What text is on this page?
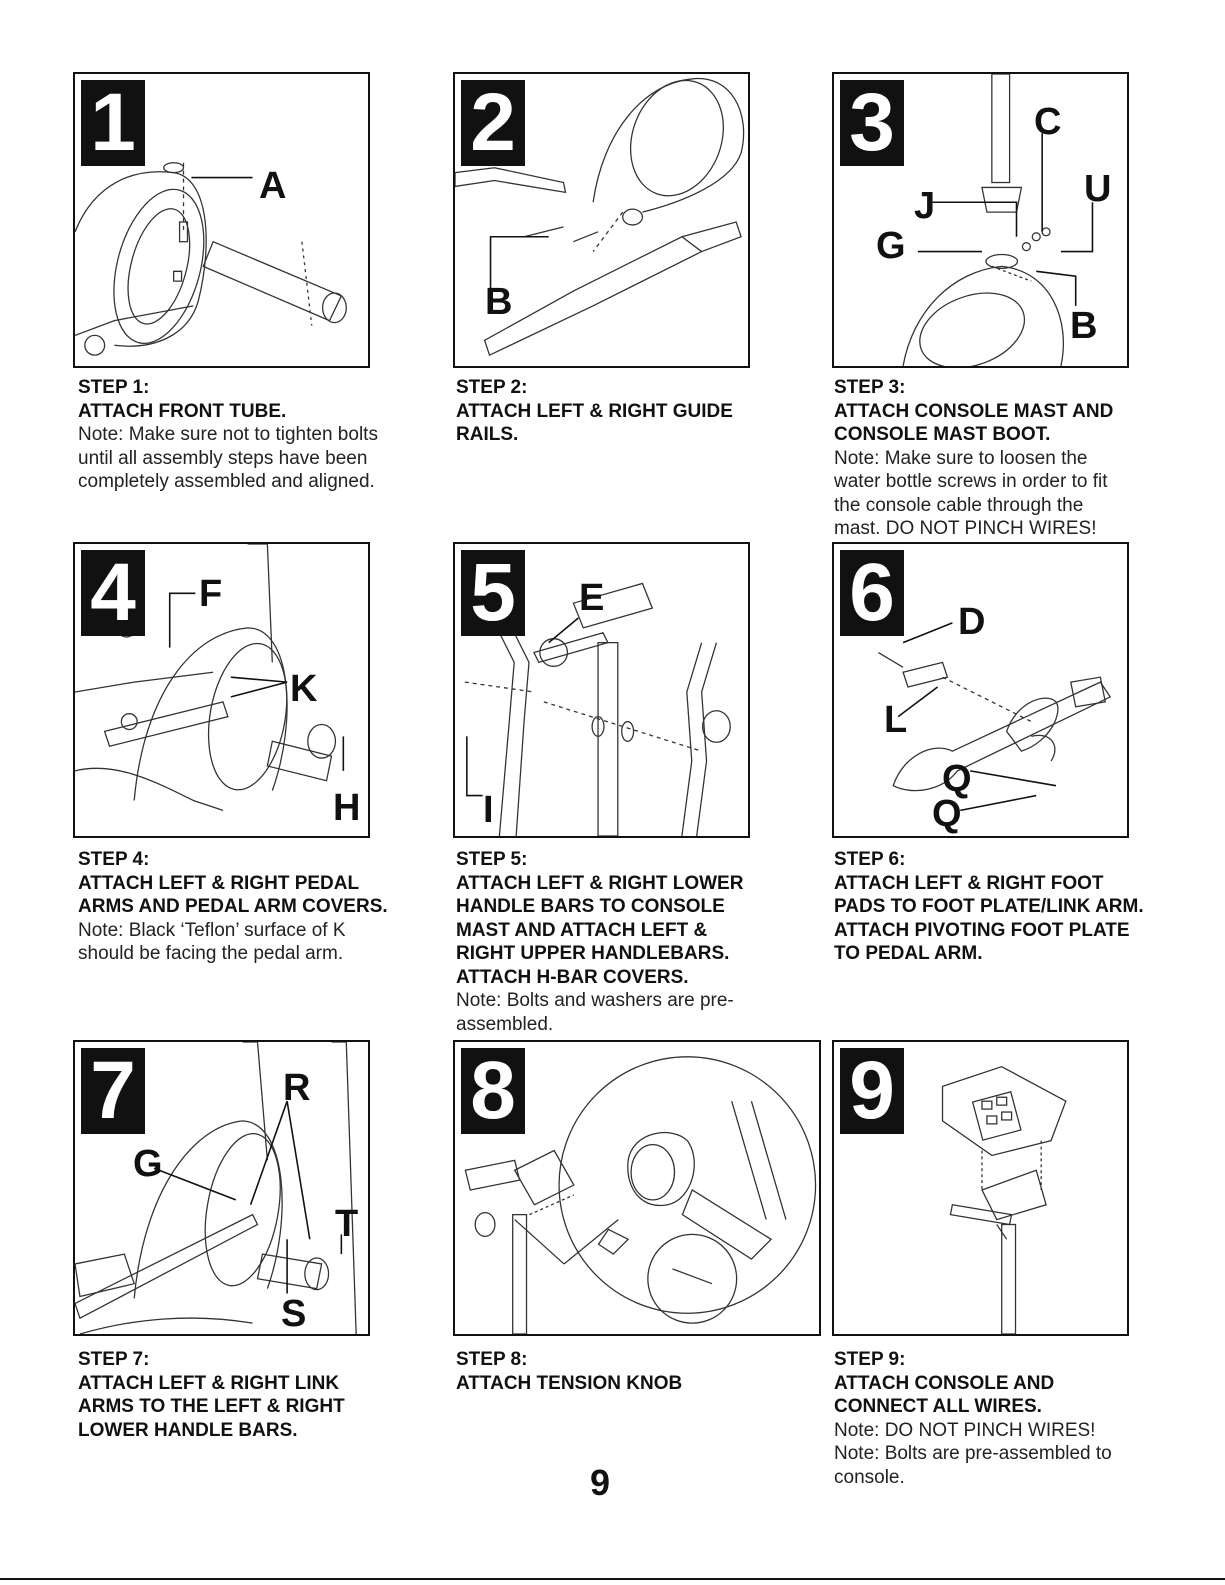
1
A
STEP 1:
ATTACH FRONT TUBE.
Note: Make sure not to tighten bolts until all assembly steps have been completely assembled and aligned.
2
B
STEP 2:
ATTACH LEFT & RIGHT GUIDE RAILS.
3	C
U
J
G
B
STEP 3:
ATTACH CONSOLE MAST AND CONSOLE MAST BOOT.
Note: Make sure to loosen the water bottle screws in order to fit the console cable through the mast. DO NOT PINCH WIRES!
4 F
K
H
STEP 4:
ATTACH LEFT & RIGHT PEDAL ARMS AND PEDAL ARM COVERS.
Note: Black ‘Teflon’ surface of K should be facing the pedal arm.
5 E
I
STEP 5:
ATTACH LEFT & RIGHT LOWER HANDLE BARS TO CONSOLE MAST AND ATTACH LEFT & RIGHT UPPER HANDLEBARS. ATTACH H-BAR COVERS.
Note: Bolts and washers are pre-assembled.
6 D
L
Q
Q
STEP 6:
ATTACH LEFT & RIGHT FOOT PADS TO FOOT PLATE/LINK ARM. ATTACH PIVOTING FOOT PLATE TO PEDAL ARM.
7	R
G
T
S
STEP 7:
ATTACH LEFT & RIGHT LINK ARMS TO THE LEFT & RIGHT LOWER HANDLE BARS.
8
STEP 8:
ATTACH TENSION KNOB
9
STEP 9:
ATTACH CONSOLE AND CONNECT ALL WIRES.
Note: DO NOT PINCH WIRES!
Note: Bolts are pre-assembled to console.
9
